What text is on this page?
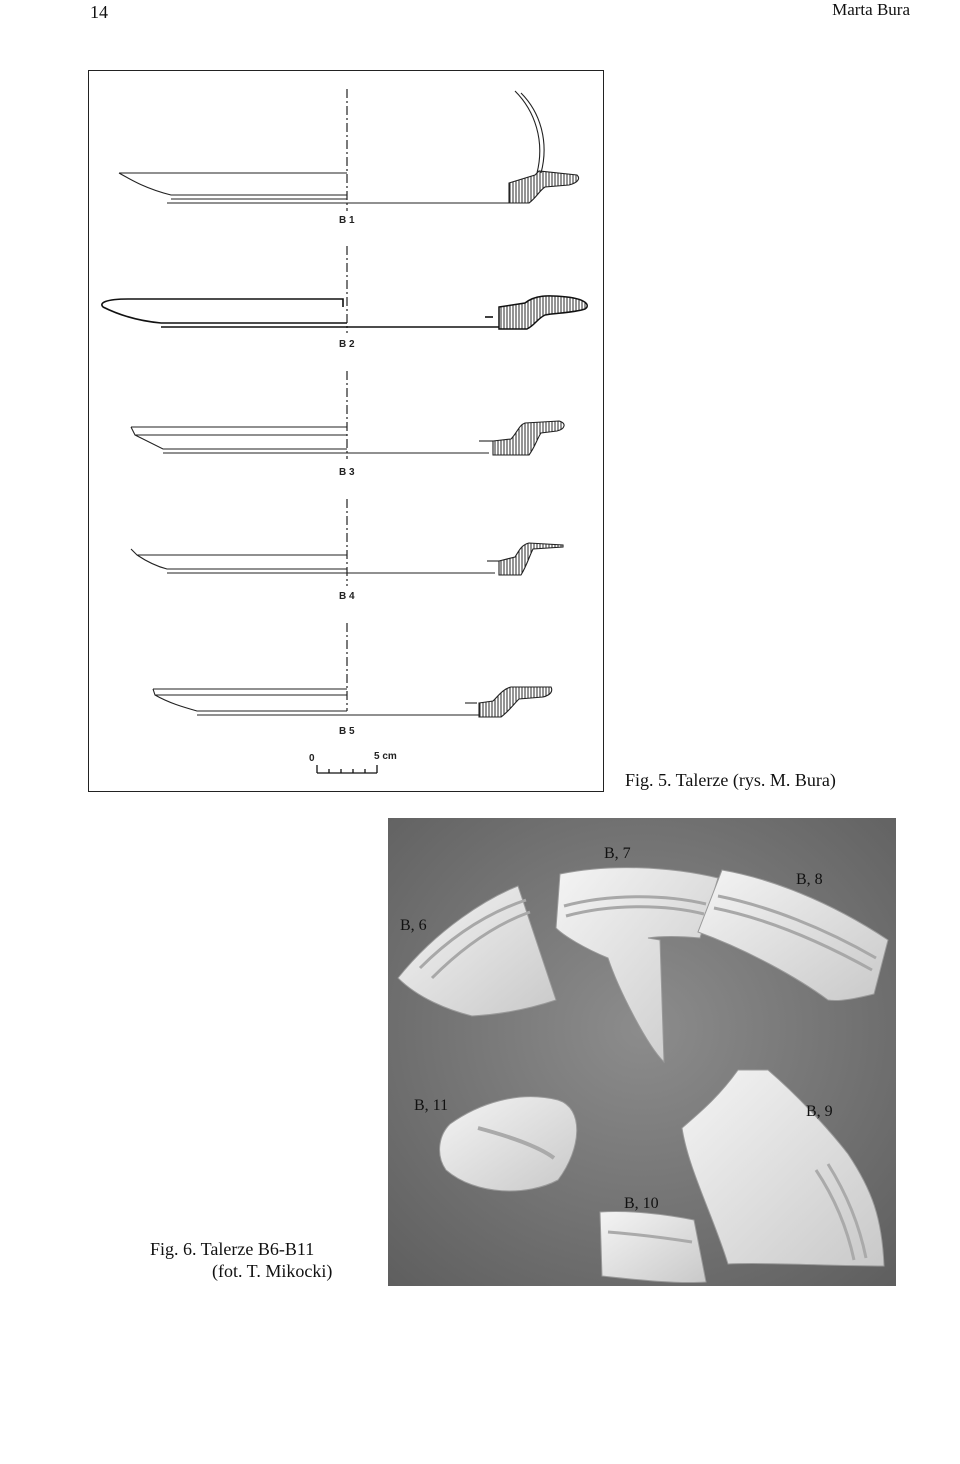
14	Marta Bura
B 1
B 2
B 3
B 4
B 5
0	5 cm
Fig. 5. Talerze (rys. M. Bura)
B, 6
B, 7
B, 8
B, 9
B, 10
B, 11
Fig. 6. Talerze B6-B11
(fot. T. Mikocki)
